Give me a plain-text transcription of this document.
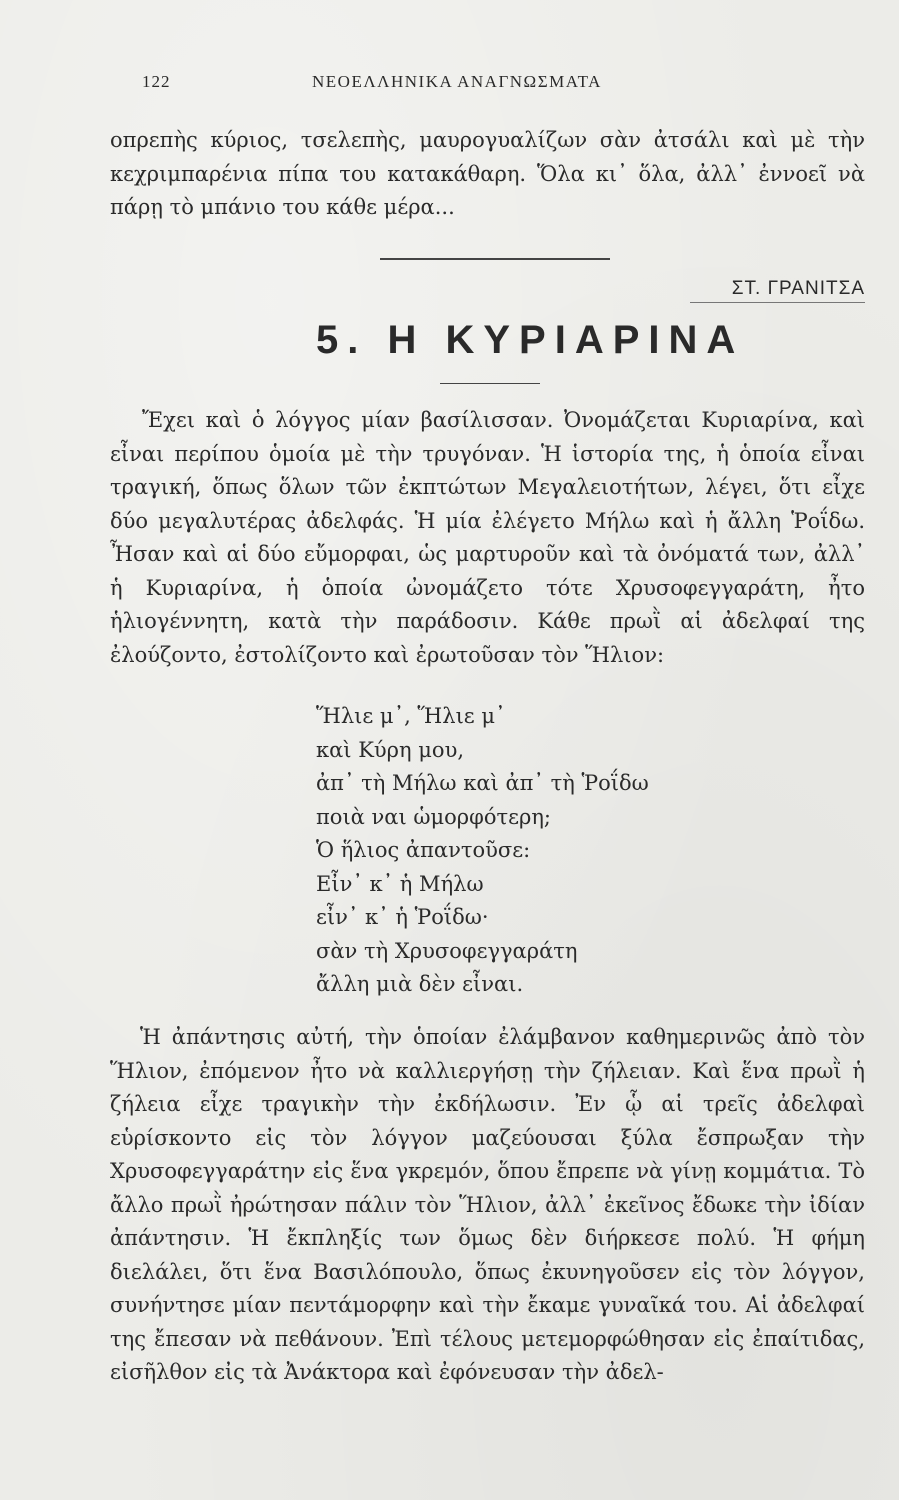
122	ΝΕΟΕΛΛΗΝΙΚΑ ΑΝΑΓΝΩΣΜΑΤΑ
οπρεπὴς κύριος, τσελεπὴς, μαυρογυαλίζων σὰν ἀτσάλι καὶ μὲ τὴν κεχριμπαρένια πίπα του κατακάθαρη. Ὅλα κι᾽ ὅλα, ἀλλ᾽ ἐννοεῖ νὰ πάρῃ τὸ μπάνιο του κάθε μέρα...
ΣΤ. ΓΡΑΝΙΤΣΑ
5. Η ΚΥΡΙΑΡΙΝΑ
Ἔχει καὶ ὁ λόγγος μίαν βασίλισσαν. Ὀνομάζεται Κυριαρίνα, καὶ εἶναι περίπου ὁμοία μὲ τὴν τρυγόναν. Ἡ ἱστορία της, ἡ ὁποία εἶναι τραγική, ὅπως ὅλων τῶν ἐκπτώτων Μεγαλειοτήτων, λέγει, ὅτι εἶχε δύο μεγαλυτέρας ἀδελφάς. Ἡ μία ἐλέγετο Μήλω καὶ ἡ ἄλλη Ῥοΐδω. Ἦσαν καὶ αἱ δύο εὔμορφαι, ὡς μαρτυροῦν καὶ τὰ ὀνόματά των, ἀλλ᾽ ἡ Κυριαρίνα, ἡ ὁποία ὠνομάζετο τότε Χρυσοφεγγαράτη, ἦτο ἡλιογέννητη, κατὰ τὴν παράδοσιν. Κάθε πρωῒ αἱ ἀδελφαί της ἐλούζοντο, ἐστολίζοντο καὶ ἐρωτοῦσαν τὸν Ἥλιον:
Ἥλιε μ᾽, Ἥλιε μ᾽
καὶ Κύρη μου,
ἀπ᾽ τὴ Μήλω καὶ ἀπ᾽ τὴ Ῥοΐδω
ποιὰ ναι ὡμορφότερη;
Ὁ ἥλιος ἀπαντοῦσε:
Εἶν᾽ κ᾽ ἡ Μήλω
εἶν᾽ κ᾽ ἡ Ῥοΐδω·
σὰν τὴ Χρυσοφεγγαράτη
ἄλλη μιὰ δὲν εἶναι.
Ἡ ἀπάντησις αὐτή, τὴν ὁποίαν ἐλάμβανον καθημερινῶς ἀπὸ τὸν Ἥλιον, ἐπόμενον ἦτο νὰ καλλιεργήσῃ τὴν ζήλειαν. Καὶ ἕνα πρωῒ ἡ ζήλεια εἶχε τραγικὴν τὴν ἐκδήλωσιν. Ἐν ᾧ αἱ τρεῖς ἀδελφαὶ εὑρίσκοντο εἰς τὸν λόγγον μαζεύουσαι ξύλα ἔσπρωξαν τὴν Χρυσοφεγγαράτην εἰς ἕνα γκρεμόν, ὅπου ἔπρεπε νὰ γίνῃ κομμάτια. Τὸ ἄλλο πρωῒ ἠρώτησαν πάλιν τὸν Ἥλιον, ἀλλ᾽ ἐκεῖνος ἔδωκε τὴν ἰδίαν ἀπάντησιν. Ἡ ἔκπληξίς των ὅμως δὲν διήρκεσε πολύ. Ἡ φήμη διελάλει, ὅτι ἕνα Βασιλόπουλο, ὅπως ἐκυνηγοῦσεν εἰς τὸν λόγγον, συνήντησε μίαν πεντάμορφην καὶ τὴν ἔκαμε γυναῖκά του. Αἱ ἀδελφαί της ἔπεσαν νὰ πεθάνουν. Ἐπὶ τέλους μετεμορφώθησαν εἰς ἐπαίτιδας, εἰσῆλθον εἰς τὰ Ἀνάκτορα καὶ ἐφόνευσαν τὴν ἀδελ-
